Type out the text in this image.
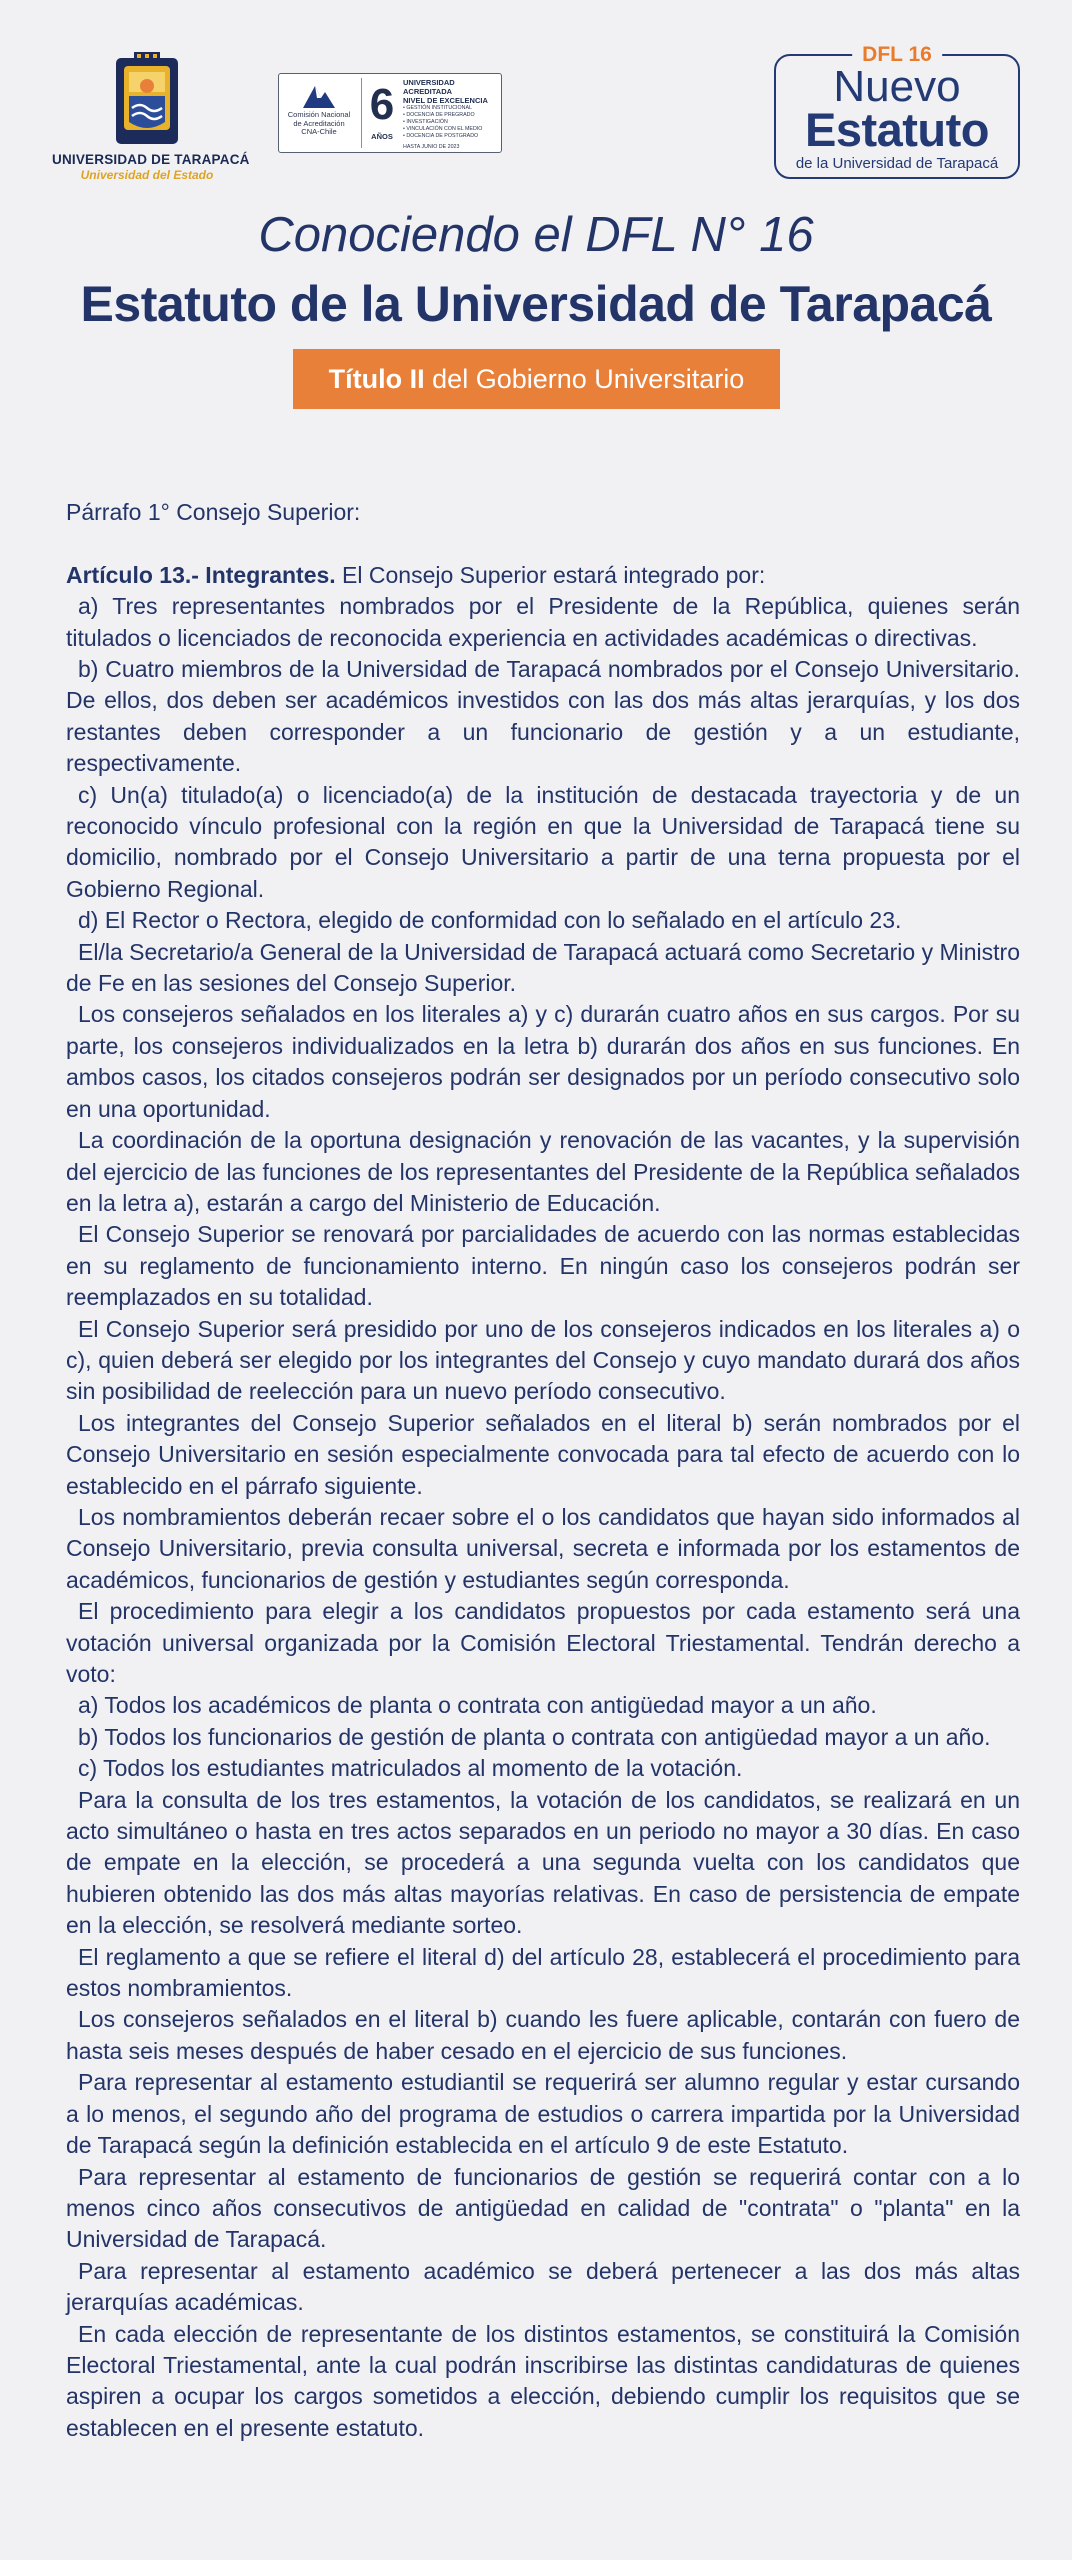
UNIVERSIDAD DE TARAPACÁ
Universidad del Estado
Comisión Nacional
de Acreditación
CNA-Chile
6
AÑOS
UNIVERSIDAD ACREDITADA
NIVEL DE EXCELENCIA
• GESTIÓN INSTITUCIONAL
• DOCENCIA DE PREGRADO
• INVESTIGACIÓN
• VINCULACIÓN CON EL MEDIO
• DOCENCIA DE POSTGRADO
HASTA JUNIO DE 2023
DFL 16
Nuevo
Estatuto
de la Universidad de Tarapacá
Conociendo el DFL N° 16
Estatuto de la Universidad de Tarapacá
Título II del Gobierno Universitario

Párrafo 1° Consejo Superior:

Artículo 13.- Integrantes. El Consejo Superior estará integrado por:

a) Tres representantes nombrados por el Presidente de la República, quienes serán titulados o licenciados de reconocida experiencia en actividades académicas o directivas.

b) Cuatro miembros de la Universidad de Tarapacá nombrados por el Consejo Universitario. De ellos, dos deben ser académicos investidos con las dos más altas jerarquías, y los dos restantes deben corresponder a un funcionario de gestión y a un estudiante, respectivamente.

c) Un(a) titulado(a) o licenciado(a) de la institución de destacada trayectoria y de un reconocido vínculo profesional con la región en que la Universidad de Tarapacá tiene su domicilio, nombrado por el Consejo Universitario a partir de una terna propuesta por el Gobierno Regional.

d) El Rector o Rectora, elegido de conformidad con lo señalado en el artículo 23.

El/la Secretario/a General de la Universidad de Tarapacá actuará como Secretario y Ministro de Fe en las sesiones del Consejo Superior.

Los consejeros señalados en los literales a) y c) durarán cuatro años en sus cargos. Por su parte, los consejeros individualizados en la letra b) durarán dos años en sus funciones. En ambos casos, los citados consejeros podrán ser designados por un período consecutivo solo en una oportunidad.

La coordinación de la oportuna designación y renovación de las vacantes, y la supervisión del ejercicio de las funciones de los representantes del Presidente de la República señalados en la letra a), estarán a cargo del Ministerio de Educación.

El Consejo Superior se renovará por parcialidades de acuerdo con las normas establecidas en su reglamento de funcionamiento interno. En ningún caso los consejeros podrán ser reemplazados en su totalidad.

El Consejo Superior será presidido por uno de los consejeros indicados en los literales a) o c), quien deberá ser elegido por los integrantes del Consejo y cuyo mandato durará dos años sin posibilidad de reelección para un nuevo período consecutivo.

Los integrantes del Consejo Superior señalados en el literal b) serán nombrados por el Consejo Universitario en sesión especialmente convocada para tal efecto de acuerdo con lo establecido en el párrafo siguiente.

Los nombramientos deberán recaer sobre el o los candidatos que hayan sido informados al Consejo Universitario, previa consulta universal, secreta e informada por los estamentos de académicos, funcionarios de gestión y estudiantes según corresponda.

El procedimiento para elegir a los candidatos propuestos por cada estamento será una votación universal organizada por la Comisión Electoral Triestamental. Tendrán derecho a voto:

a) Todos los académicos de planta o contrata con antigüedad mayor a un año.

b) Todos los funcionarios de gestión de planta o contrata con antigüedad mayor a un año.

c) Todos los estudiantes matriculados al momento de la votación.

Para la consulta de los tres estamentos, la votación de los candidatos, se realizará en un acto simultáneo o hasta en tres actos separados en un periodo no mayor a 30 días. En caso de empate en la elección, se procederá a una segunda vuelta con los candidatos que hubieren obtenido las dos más altas mayorías relativas. En caso de persistencia de empate en la elección, se resolverá mediante sorteo.

El reglamento a que se refiere el literal d) del artículo 28, establecerá el procedimiento para estos nombramientos.

Los consejeros señalados en el literal b) cuando les fuere aplicable, contarán con fuero de hasta seis meses después de haber cesado en el ejercicio de sus funciones.

Para representar al estamento estudiantil se requerirá ser alumno regular y estar cursando a lo menos, el segundo año del programa de estudios o carrera impartida por la Universidad de Tarapacá según la definición establecida en el artículo 9 de este Estatuto.

Para representar al estamento de funcionarios de gestión se requerirá contar con a lo menos cinco años consecutivos de antigüedad en calidad de "contrata" o "planta" en la Universidad de Tarapacá.

Para representar al estamento académico se deberá pertenecer a las dos más altas jerarquías académicas.

En cada elección de representante de los distintos estamentos, se constituirá la Comisión Electoral Triestamental, ante la cual podrán inscribirse las distintas candidaturas de quienes aspiren a ocupar los cargos sometidos a elección, debiendo cumplir los requisitos que se establecen en el presente estatuto.
